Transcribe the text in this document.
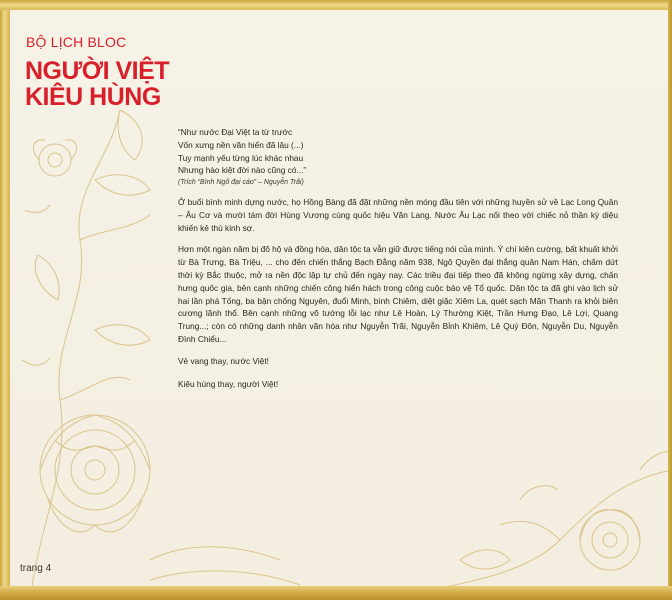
BỘ LỊCH BLOC
NGƯỜI VIỆT
KIÊU HÙNG

“Như nước Đại Việt ta từ trước

Vốn xưng nền văn hiến đã lâu (...)

Tuy mạnh yếu từng lúc khác nhau

Nhưng hào kiệt đời nào cũng có...”

(Trích “Bình Ngô đại cáo” – Nguyễn Trãi)

Ở buổi bình minh dựng nước, họ Hồng Bàng đã đặt những nền móng đầu tiên với những huyền sử về Lạc Long Quân – Âu Cơ và mười tám đời Hùng Vương cùng quốc hiệu Văn Lang. Nước Âu Lạc nối theo với chiếc nỏ thần kỳ diệu khiến kẻ thù kinh sợ.

Hơn một ngàn năm bị đô hộ và đồng hóa, dân tộc ta vẫn giữ được tiếng nói của mình. Ý chí kiên cường, bất khuất khởi từ Bà Trưng, Bà Triệu, ... cho đến chiến thắng Bạch Đằng năm 938, Ngô Quyền đại thắng quân Nam Hán, chấm dứt thời kỳ Bắc thuộc, mở ra nền độc lập tự chủ đến ngày nay. Các triều đại tiếp theo đã không ngừng xây dựng, chấn hưng quốc gia, bên cạnh những chiến công hiển hách trong công cuộc bảo vệ Tổ quốc. Dân tộc ta đã ghi vào lịch sử hai lần phá Tống, ba bận chống Nguyên, đuổi Minh, bình Chiêm, diệt giặc Xiêm La, quét sạch Mãn Thanh ra khỏi biên cương lãnh thổ. Bên cạnh những võ tướng lỗi lạc như Lê Hoàn, Lý Thường Kiệt, Trần Hưng Đạo, Lê Lợi, Quang Trung...; còn có những danh nhân văn hóa như Nguyễn Trãi, Nguyễn Bỉnh Khiêm, Lê Quý Đôn, Nguyễn Du, Nguyễn Đình Chiểu...

Vẻ vang thay, nước Việt!

Kiêu hùng thay, người Việt!

trang 4
